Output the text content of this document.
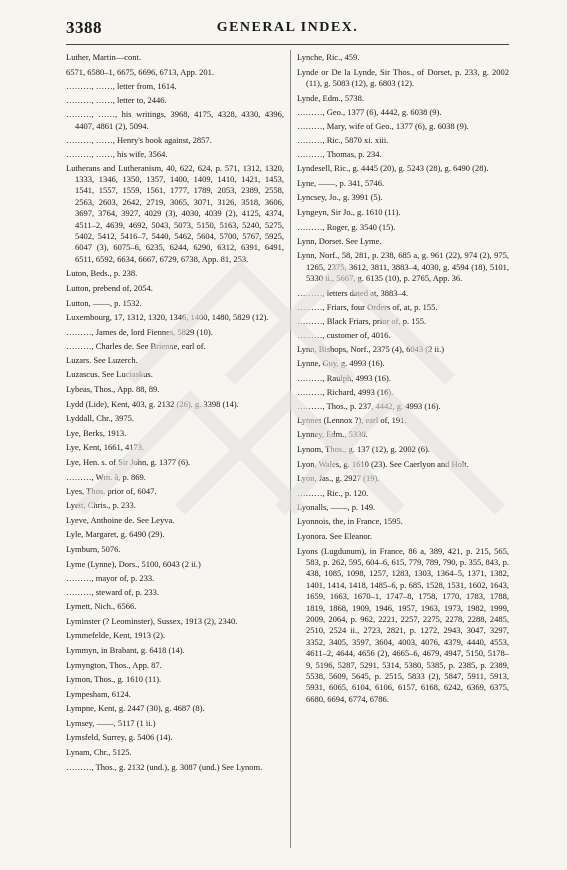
3388	GENERAL INDEX.

Luther, Martin—cont.

6571, 6580–1, 6675, 6696, 6713, App. 201.

………, ……, letter from, 1614.

………, ……, letter to, 2446.

………, ……, his writings, 3968, 4175, 4328, 4330, 4396, 4407, 4861 (2), 5094.

………, ……, Henry's book against, 2857.

………, ……, his wife, 3564.

Lutherans and Lutheranism, 40, 622, 624, p. 571, 1312, 1320, 1333, 1346, 1350, 1357, 1400, 1409, 1410, 1421, 1453, 1541, 1557, 1559, 1561, 1777, 1789, 2053, 2389, 2558, 2563, 2603, 2642, 2719, 3065, 3071, 3126, 3518, 3606, 3697, 3764, 3927, 4029 (3), 4030, 4039 (2), 4125, 4374, 4511–2, 4639, 4692, 5043, 5073, 5150, 5163, 5240, 5275, 5402, 5412, 5416–7, 5440, 5462, 5604, 5700, 5767, 5925, 6047 (3), 6075–6, 6235, 6244, 6290, 6312, 6391, 6491, 6511, 6592, 6634, 6667, 6729, 6738, App. 81, 253.

Luton, Beds., p. 238.

Lutton, prebend of, 2054.

Lutton, ——, p. 1532.

Luxembourg, 17, 1312, 1320, 1346, 1400, 1480, 5829 (12).

………, James de, lord Fiennes, 5829 (10).

………, Charles de. See Brienne, earl of.

Luzars. See Luzerch.

Luzascus. See Luciaskus.

Lybeas, Thos., App. 88, 89.

Lydd (Lide), Kent, 403, g. 2132 (26), g. 3398 (14).

Lyddall, Chr., 3975.

Lye, Berks, 1913.

Lye, Kent, 1661, 4173.

Lye, Hen. s. of Sir John, g. 1377 (6).

………, Wm. â, p. 869.

Lyes, Thos. prior of, 6047.

Lyett, Chris., p. 233.

Lyeve, Anthoine de. See Leyva.

Lyle, Margaret, g. 6490 (29).

Lymburn, 5076.

Lyme (Lynne), Dors., 5100, 6043 (2 ii.)

………, mayor of, p. 233.

………, steward of, p. 233.

Lymett, Nich., 6566.

Lyminster (? Leominster), Sussex, 1913 (2), 2340.

Lymmefelde, Kent, 1913 (2).

Lymmyn, in Brabant, g. 6418 (14).

Lymyngton, Thos., App. 87.

Lymon, Thos., g. 1610 (11).

Lympesham, 6124.

Lympne, Kent, g. 2447 (30), g. 4687 (8).

Lymsey, ——, 5117 (1 ii.)

Lymsfeld, Surrey, g. 5406 (14).

Lynam, Chr., 5125.

………, Thos., g. 2132 (und.), g. 3087 (und.) See Lynom.

Lynche, Ric., 459.

Lynde or De la Lynde, Sir Thos., of Dorset, p. 233, g. 2002 (11), g. 5083 (12), g. 6803 (12).

Lynde, Edm., 5738.

………, Geo., 1377 (6), 4442, g. 6038 (9).

………, Mary, wife of Geo., 1377 (6), g. 6038 (9).

………, Ric., 5870 xi. xiii.

………, Thomas, p. 234.

Lyndesell, Ric., g. 4445 (20), g. 5243 (28), g. 6490 (28).

Lyne, ——, p. 341, 5746.

Lyncsey, Jo., g. 3991 (5).

Lyngeyn, Sir Jo., g. 1610 (11).

………, Roger, g. 3540 (15).

Lynn, Dorset. See Lyme.

Lynn, Norf., 58, 281, p. 238, 685 a, g. 961 (22), 974 (2), 975, 1265, 2375, 3612, 3811, 3883–4, 4030, g. 4594 (18), 5101, 5330 ii., 5667, g. 6135 (10), p. 2765, App. 36.

………, letters dated at, 3883–4.

………, Friars, four Orders of, at, p. 155.

………, Black Friars, prior of, p. 155.

………, customer of, 4016.

Lynn, Bishops, Norf., 2375 (4), 6043 (2 ii.)

Lynne, Guy, g. 4993 (16).

………, Raulph, 4993 (16).

………, Richard, 4993 (16).

………, Thos., p. 237, 4442, g. 4993 (16).

Lynnes (Lennox ?), earl of, 191.

Lynney, Edm., 5330.

Lynom, Thos., g. 137 (12), g. 2002 (6).

Lyon, Wales, g. 1610 (23). See Caerlyon and Holt.

Lyon, Jas., g. 2927 (19).

………, Ric., p. 120.

Lyonalls, ——, p. 149.

Lyonnois, the, in France, 1595.

Lyonora. See Eleanor.

Lyons (Lugdunum), in France, 86 a, 389, 421, p. 215, 565, 583, p. 262, 595, 604–6, 615, 779, 789, 790, p. 355, 843, p. 438, 1085, 1098, 1257, 1283, 1303, 1364–5, 1371, 1382, 1401, 1414, 1418, 1485–6, p. 685, 1528, 1531, 1602, 1643, 1659, 1663, 1670–1, 1747–8, 1758, 1770, 1783, 1788, 1819, 1868, 1909, 1946, 1957, 1963, 1973, 1982, 1999, 2009, 2064, p. 962, 2221, 2257, 2275, 2278, 2288, 2485, 2510, 2524 ii., 2723, 2821, p. 1272, 2943, 3047, 3297, 3352, 3405, 3597, 3604, 4003, 4076, 4379, 4440, 4553, 4611–2, 4644, 4656 (2), 4665–6, 4679, 4947, 5150, 5178–9, 5196, 5287, 5291, 5314, 5380, 5385, p. 2385, p. 2389, 5538, 5609, 5645, p. 2515, 5833 (2), 5847, 5911, 5913, 5931, 6065, 6104, 6106, 6157, 6168, 6242, 6369, 6375, 6680, 6694, 6774, 6786.
